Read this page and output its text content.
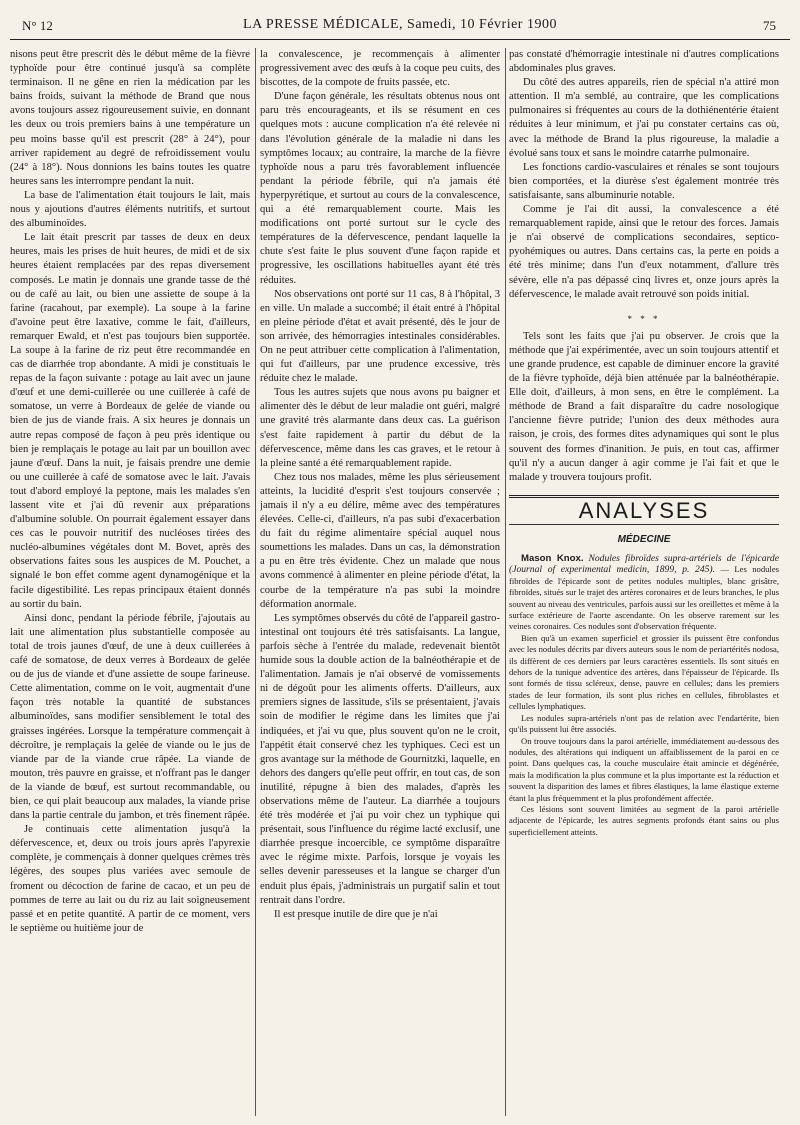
N° 12	LA PRESSE MÉDICALE, Samedi, 10 Février 1900	75

nisons peut être prescrit dès le début même de la fièvre typhoïde pour être continué jusqu'à sa complète terminaison. Il ne gêne en rien la médication par les bains froids, suivant la méthode de Brand que nous avons toujours assez rigoureusement suivie, en donnant les deux ou trois premiers bains à une température un peu moins basse qu'il est prescrit (28° à 24°), pour arriver rapidement au degré de refroidissement voulu (24° à 18°). Nous donnions les bains toutes les quatre heures sans les interrompre pendant la nuit.

La base de l'alimentation était toujours le lait, mais nous y ajoutions d'autres éléments nutritifs, et surtout des albuminoïdes.

Le lait était prescrit par tasses de deux en deux heures, mais les prises de huit heures, de midi et de six heures étaient remplacées par des repas diversement composés. Le matin je donnais une grande tasse de thé ou de café au lait, ou bien une assiette de soupe à la farine (racahout, par exemple). La soupe à la farine d'avoine peut être laxative, comme le fait, d'ailleurs, remarquer Ewald, et n'est pas toujours bien supportée. La soupe à la farine de riz peut être recommandée en cas de diarrhée trop abondante. A midi je constituais le repas de la façon suivante : potage au lait avec un jaune d'œuf et une demi-cuillerée ou une cuillerée à café de somatose, un verre à Bordeaux de gelée de viande ou bien de jus de viande frais. A six heures je donnais un autre repas composé de façon à peu près identique ou bien je remplaçais le potage au lait par un bouillon avec jaune d'œuf. Dans la nuit, je faisais prendre une demie ou une cuillerée à café de somatose avec le lait. J'avais tout d'abord employé la peptone, mais les malades s'en lassent vite et j'ai dû revenir aux préparations d'albumine soluble. On pourrait également essayer dans ces cas le pouvoir nutritif des nucléoses tirées des nucléo-albumines végétales dont M. Bovet, après des observations faites sous les auspices de M. Pouchet, a signalé le bon effet comme agent dynamogénique et la facile digestibilité. Les repas principaux étaient donnés au sortir du bain.

Ainsi donc, pendant la période fébrile, j'ajoutais au lait une alimentation plus substantielle composée au total de trois jaunes d'œuf, de une à deux cuillerées à café de somatose, de deux verres à Bordeaux de gelée ou de jus de viande et d'une assiette de soupe farineuse. Cette alimentation, comme on le voit, augmentait d'une façon très notable la quantité de substances albuminoïdes, sans modifier sensiblement le total des graisses ingérées. Lorsque la température commençait à décroître, je remplaçais la gelée de viande ou le jus de viande par de la viande crue râpée. La viande de mouton, très pauvre en graisse, et n'offrant pas le danger de la viande de bœuf, est surtout recommandable, ou bien, ce qui plait beaucoup aux malades, la viande prise dans la partie centrale du jambon, et très finement râpée.

Je continuais cette alimentation jusqu'à la défervescence, et, deux ou trois jours après l'apyrexie complète, je commençais à donner quelques crèmes très légères, des soupes plus variées avec semoule de froment ou décoction de farine de cacao, et un peu de pommes de terre au lait ou du riz au lait soigneusement passé et en petite quantité. A partir de ce moment, vers le septième ou huitième jour de

la convalescence, je recommençais à alimenter progressivement avec des œufs à la coque peu cuits, des biscottes, de la compote de fruits passée, etc.

D'une façon générale, les résultats obtenus nous ont paru très encourageants, et ils se résument en ces quelques mots : aucune complication n'a été relevée ni dans l'évolution générale de la maladie ni dans les symptômes locaux; au contraire, la marche de la fièvre typhoïde nous a paru très favorablement influencée pendant la période fébrile, qui n'a jamais été hyperpyrétique, et surtout au cours de la convalescence, qui a été remarquablement courte. Mais les modifications ont porté surtout sur le cycle des températures de la défervescence, pendant laquelle la chute s'est faite le plus souvent d'une façon rapide et progressive, les oscillations habituelles ayant été très réduites.

Nos observations ont porté sur 11 cas, 8 à l'hôpital, 3 en ville. Un malade a succombé; il était entré à l'hôpital en pleine période d'état et avait présenté, dès le jour de son arrivée, des hémorragies intestinales considérables. On ne peut attribuer cette complication à l'alimentation, qui fut d'ailleurs, par une prudence excessive, très réduite chez le malade.

Tous les autres sujets que nous avons pu baigner et alimenter dès le début de leur maladie ont guéri, malgré une gravité très alarmante dans deux cas. La guérison s'est faite rapidement à partir du début de la défervescence, même dans les cas graves, et le retour à la pleine santé a été remarquablement rapide.

Chez tous nos malades, même les plus sérieusement atteints, la lucidité d'esprit s'est toujours conservée ; jamais il n'y a eu délire, même avec des températures élevées. Celle-ci, d'ailleurs, n'a pas subi d'exacerbation du fait du régime alimentaire spécial auquel nous soumettions les malades. Dans un cas, la démonstration a pu en être très évidente. Chez un malade que nous avons commencé à alimenter en pleine période d'état, la courbe de la température n'a pas subi la moindre déformation anormale.

Les symptômes observés du côté de l'appareil gastro-intestinal ont toujours été très satisfaisants. La langue, parfois sèche à l'entrée du malade, redevenait bientôt humide sous la double action de la balnéothérapie et de l'alimentation. Jamais je n'ai observé de vomissements ni de dégoût pour les aliments offerts. D'ailleurs, aux premiers signes de lassitude, s'ils se présentaient, j'avais soin de modifier le régime dans les limites que j'ai indiquées, et j'ai vu que, plus souvent qu'on ne le croit, l'appétit était conservé chez les typhiques. Ceci est un gros avantage sur la méthode de Gournitzki, laquelle, en dehors des dangers qu'elle peut offrir, en tout cas, de son inutilité, répugne à bien des malades, d'après les observations même de l'auteur. La diarrhée a toujours été très modérée et j'ai pu voir chez un typhique qui présentait, sous l'influence du régime lacté exclusif, une diarrhée presque incoercible, ce symptôme disparaître avec le régime mixte. Parfois, lorsque je voyais les selles devenir paresseuses et la langue se charger d'un enduit plus épais, j'administrais un purgatif salin et tout rentrait dans l'ordre.

Il est presque inutile de dire que je n'ai

pas constaté d'hémorragie intestinale ni d'autres complications abdominales plus graves.

Du côté des autres appareils, rien de spécial n'a attiré mon attention. Il m'a semblé, au contraire, que les complications pulmonaires si fréquentes au cours de la dothiénentérie étaient réduites à leur minimum, et j'ai pu constater certains cas où, avec la méthode de Brand la plus rigoureuse, la maladie a évolué sans toux et sans le moindre catarrhe pulmonaire.

Les fonctions cardio-vasculaires et rénales se sont toujours bien comportées, et la diurèse s'est également montrée très satisfaisante, sans albuminurie notable.

Comme je l'ai dit aussi, la convalescence a été remarquablement rapide, ainsi que le retour des forces. Jamais je n'ai observé de complications secondaires, septico-pyohémiques ou autres. Dans certains cas, la perte en poids a été très minime; dans l'un d'eux notamment, d'allure très sévère, elle n'a pas dépassé cinq livres et, onze jours après la défervescence, le malade avait retrouvé son poids initial.

* * *

Tels sont les faits que j'ai pu observer. Je crois que la méthode que j'ai expérimentée, avec un soin toujours attentif et une grande prudence, est capable de diminuer encore la gravité de la fièvre typhoïde, déjà bien atténuée par la balnéothérapie. Elle doit, d'ailleurs, à mon sens, en être le complément. La méthode de Brand a fait disparaître du cadre nosologique l'ancienne fièvre putride; l'union des deux méthodes aura raison, je crois, des formes dites adynamiques qui sont le plus souvent des formes d'inanition. Je puis, en tout cas, affirmer qu'il n'y a aucun danger à agir comme je l'ai fait et que le malade y trouvera toujours profit.

ANALYSES
MÉDECINE

Mason Knox. Nodules fibroïdes supra-artériels de l'épicarde (Journal of experimental medicin, 1899, p. 245). — Les nodules fibroïdes de l'épicarde sont de petites nodules multiples, blanc grisâtre, fibroïdes, situés sur le trajet des artères coronaires et de leurs branches, le plus souvent au niveau des ventricules, parfois aussi sur les oreillettes et même à la surface extérieure de l'aorte ascendante. On les observe rarement sur les veines coronaires. Ces nodules sont d'observation fréquente.

Bien qu'à un examen superficiel et grossier ils puissent être confondus avec les nodules décrits par divers auteurs sous le nom de periartérités nodosa, ils diffèrent de ces derniers par leurs caractères essentiels. Ils sont situés en dehors de la tunique adventice des artères, dans l'épaisseur de l'épicarde. Ils sont formés de tissu scléreux, dense, pauvre en cellules; dans les premiers stades de leur formation, ils sont plus riches en cellules, fibroblastes et cellules lymphatiques.

Les nodules supra-artériels n'ont pas de relation avec l'endartérite, bien qu'ils puissent lui être associés.

On trouve toujours dans la paroi artérielle, immédiatement au-dessous des nodules, des altérations qui indiquent un affaiblissement de la paroi en ce point. Dans quelques cas, la couche musculaire était amincie et dégénérée, mais la modification la plus commune et la plus importante est la réduction et souvent la disparition des lames et fibres élastiques, la lame élastique externe étant la plus fréquemment et la plus profondément affectée.

Ces lésions sont souvent limitées au segment de la paroi artérielle adjacente de l'épicarde, les autres segments profonds étant sains ou plus superficiellement atteints.
